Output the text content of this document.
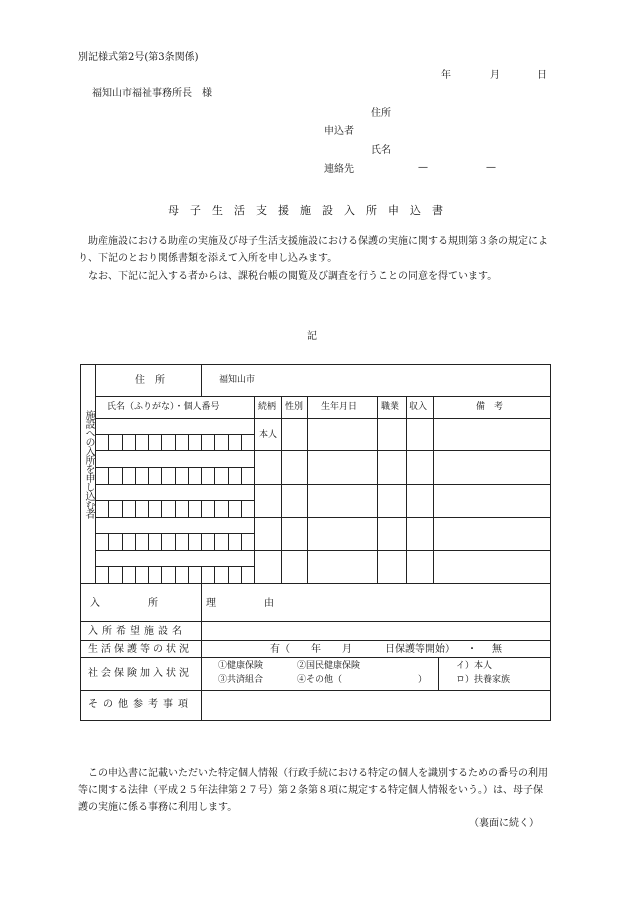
別記様式第2号(第3条関係)
年	月	日
福知山市福祉事務所長　様
住所
申込者
氏名
連絡先	—	—
母子生活支援施設入所申込書
助産施設における助産の実施及び母子生活支援施設における保護の実施に関する規則第３条の規定により、下記のとおり関係書類を添えて入所を申し込みます。
なお、下記に記入する者からは、課税台帳の閲覧及び調査を行うことの同意を得ています。
記
施設への入所を申し込む者
住　所	福知山市
氏名（ふりがな）・個人番号	続柄 性別 生年月日	職業 収入	備　考
本人
入　所　理　由
入所希望施設名
生活保護等の状況	有（ 年 月	日保護等開始） ・ 無
社会保険加入状況
①健康保険	②国民健康保険
③共済組合	④その他（	）
イ）本人
ロ）扶養家族
その他参考事項
この申込書に記載いただいた特定個人情報（行政手続における特定の個人を識別するための番号の利用等に関する法律（平成２５年法律第２７号）第２条第８項に規定する特定個人情報をいう。）は、母子保護の実施に係る事務に利用します。
（裏面に続く）
